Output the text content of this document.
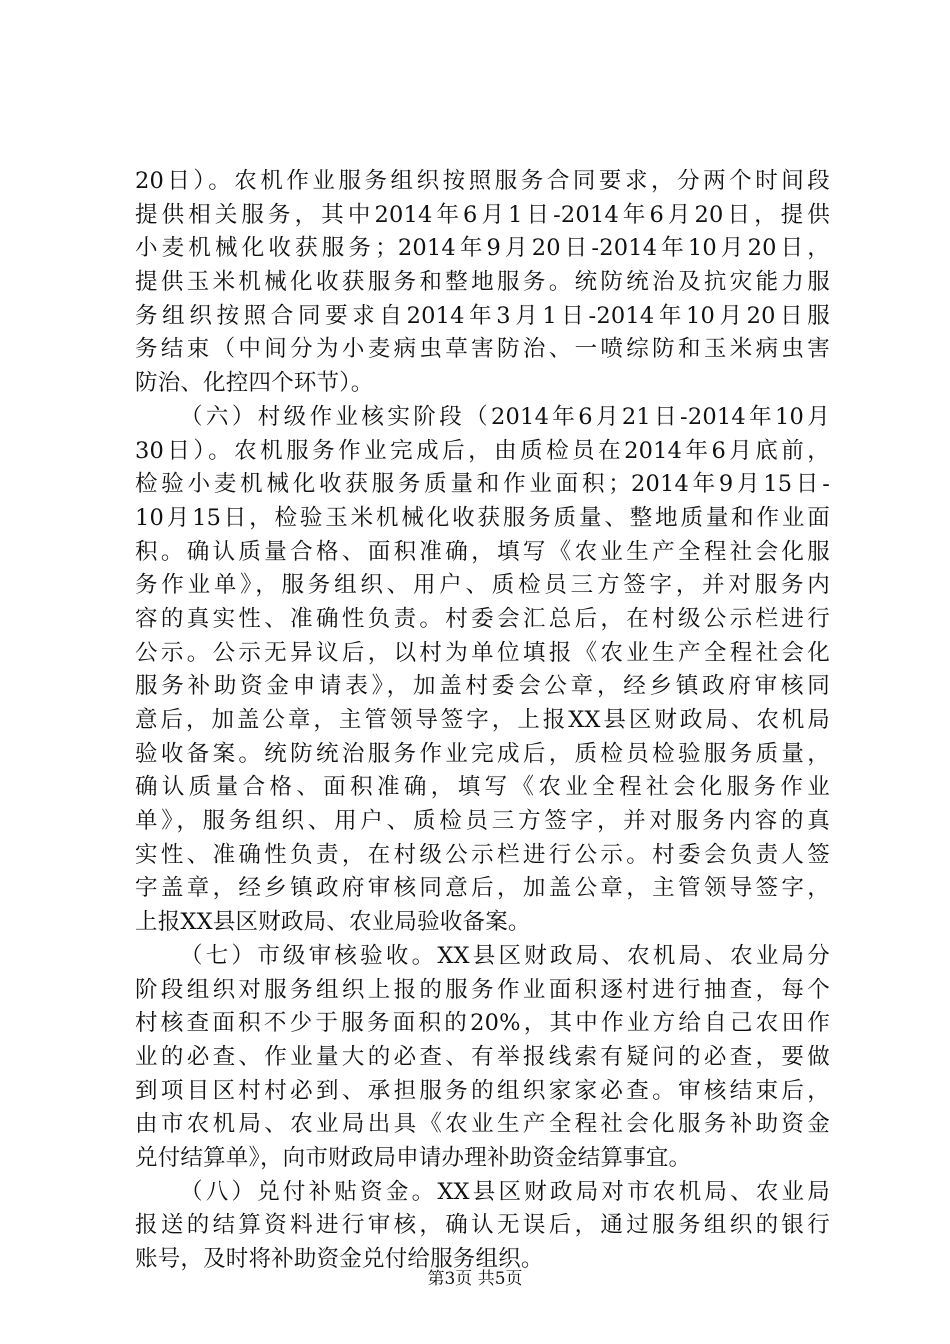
20日）。农机作业服务组织按照服务合同要求，分两个时间段
提供相关服务，其中2014年6月1日-2014年6月20日，提供
小麦机械化收获服务；2014年9月20日-2014年10月20日，
提供玉米机械化收获服务和整地服务。统防统治及抗灾能力服
务组织按照合同要求自2014年3月1日-2014年10月20日服
务结束（中间分为小麦病虫草害防治、一喷综防和玉米病虫害
防治、化控四个环节）。
（六）村级作业核实阶段（2014年6月21日-2014年10月
30日）。农机服务作业完成后，由质检员在2014年6月底前，
检验小麦机械化收获服务质量和作业面积；2014年9月15日-
10月15日，检验玉米机械化收获服务质量、整地质量和作业面
积。确认质量合格、面积准确，填写《农业生产全程社会化服
务作业单》，服务组织、用户、质检员三方签字，并对服务内
容的真实性、准确性负责。村委会汇总后，在村级公示栏进行
公示。公示无异议后，以村为单位填报《农业生产全程社会化
服务补助资金申请表》，加盖村委会公章，经乡镇政府审核同
意后，加盖公章，主管领导签字，上报XX县区财政局、农机局
验收备案。统防统治服务作业完成后，质检员检验服务质量，
确认质量合格、面积准确，填写《农业全程社会化服务作业
单》，服务组织、用户、质检员三方签字，并对服务内容的真
实性、准确性负责，在村级公示栏进行公示。村委会负责人签
字盖章，经乡镇政府审核同意后，加盖公章，主管领导签字，
上报XX县区财政局、农业局验收备案。
（七）市级审核验收。XX县区财政局、农机局、农业局分
阶段组织对服务组织上报的服务作业面积逐村进行抽查，每个
村核查面积不少于服务面积的20%，其中作业方给自己农田作
业的必查、作业量大的必查、有举报线索有疑问的必查，要做
到项目区村村必到、承担服务的组织家家必查。审核结束后，
由市农机局、农业局出具《农业生产全程社会化服务补助资金
兑付结算单》，向市财政局申请办理补助资金结算事宜。
（八）兑付补贴资金。XX县区财政局对市农机局、农业局
报送的结算资料进行审核，确认无误后，通过服务组织的银行
账号，及时将补助资金兑付给服务组织。
第3页 共5页
